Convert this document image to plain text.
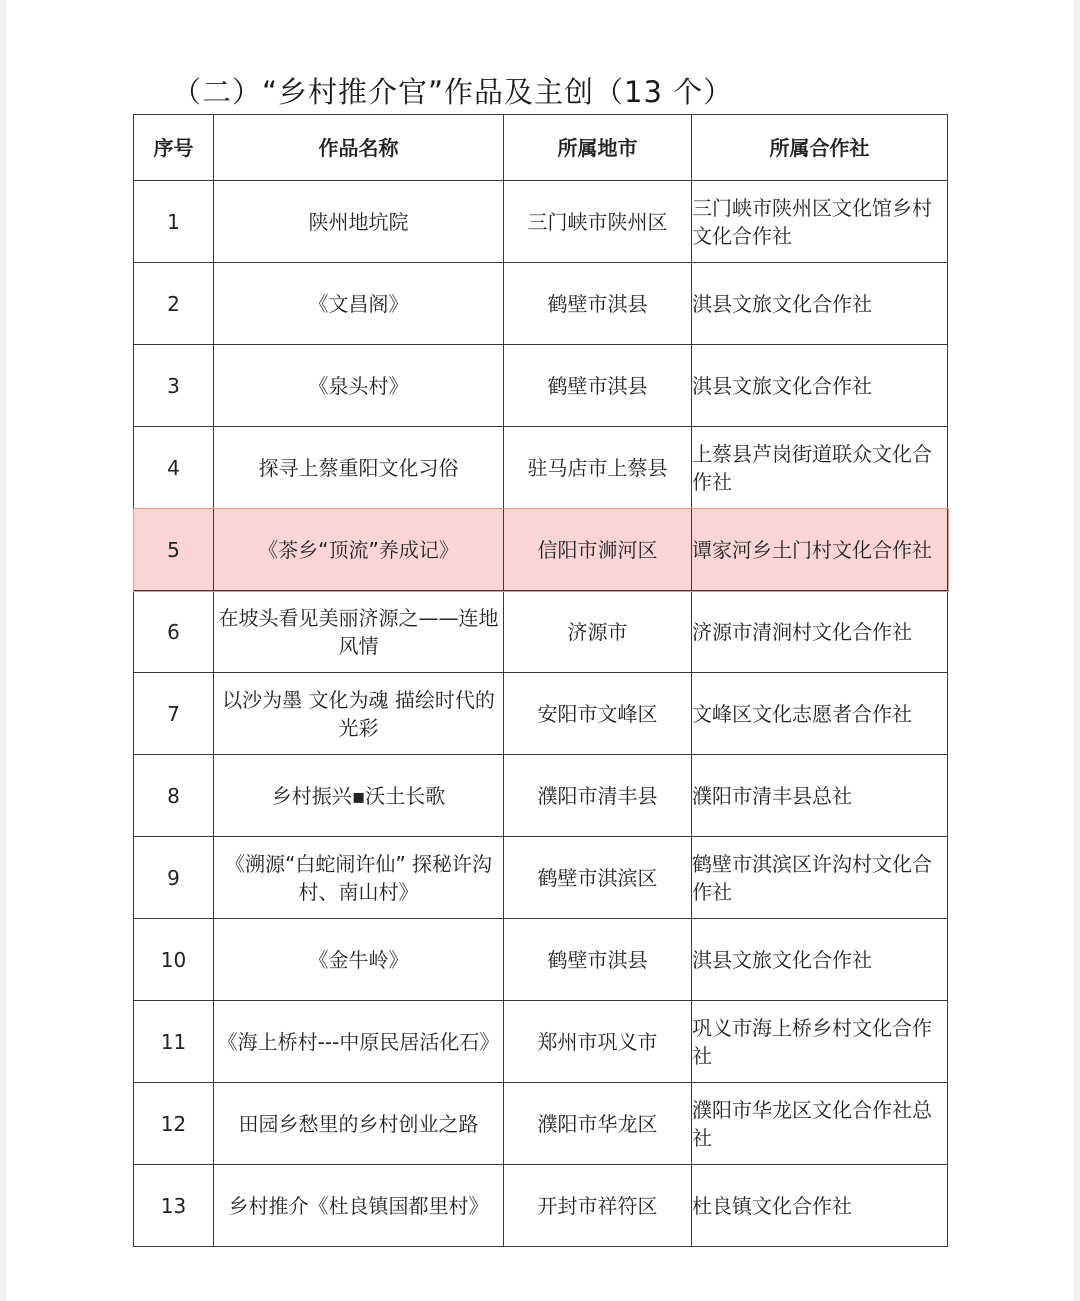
（二）“乡村推介官”作品及主创（13 个）
序号	作品名称	所属地市	所属合作社
1	陕州地坑院	三门峡市陕州区	三门峡市陕州区文化馆乡村文化合作社
2	《文昌阁》	鹤壁市淇县	淇县文旅文化合作社
3	《泉头村》	鹤壁市淇县	淇县文旅文化合作社
4	探寻上蔡重阳文化习俗	驻马店市上蔡县	上蔡县芦岗街道联众文化合作社
5	《茶乡“顶流”养成记》	信阳市浉河区	谭家河乡土门村文化合作社
6	在坡头看见美丽济源之——连地风情	济源市	济源市清涧村文化合作社
7	以沙为墨 文化为魂 描绘时代的光彩	安阳市文峰区	文峰区文化志愿者合作社
8	乡村振兴▪沃土长歌	濮阳市清丰县	濮阳市清丰县总社
9	《溯源“白蛇闹许仙” 探秘许沟村、南山村》	鹤壁市淇滨区	鹤壁市淇滨区许沟村文化合作社
10	《金牛岭》	鹤壁市淇县	淇县文旅文化合作社
11	《海上桥村---中原民居活化石》	郑州市巩义市	巩义市海上桥乡村文化合作社
12	田园乡愁里的乡村创业之路	濮阳市华龙区	濮阳市华龙区文化合作社总社
13	乡村推介《杜良镇国都里村》	开封市祥符区	杜良镇文化合作社
